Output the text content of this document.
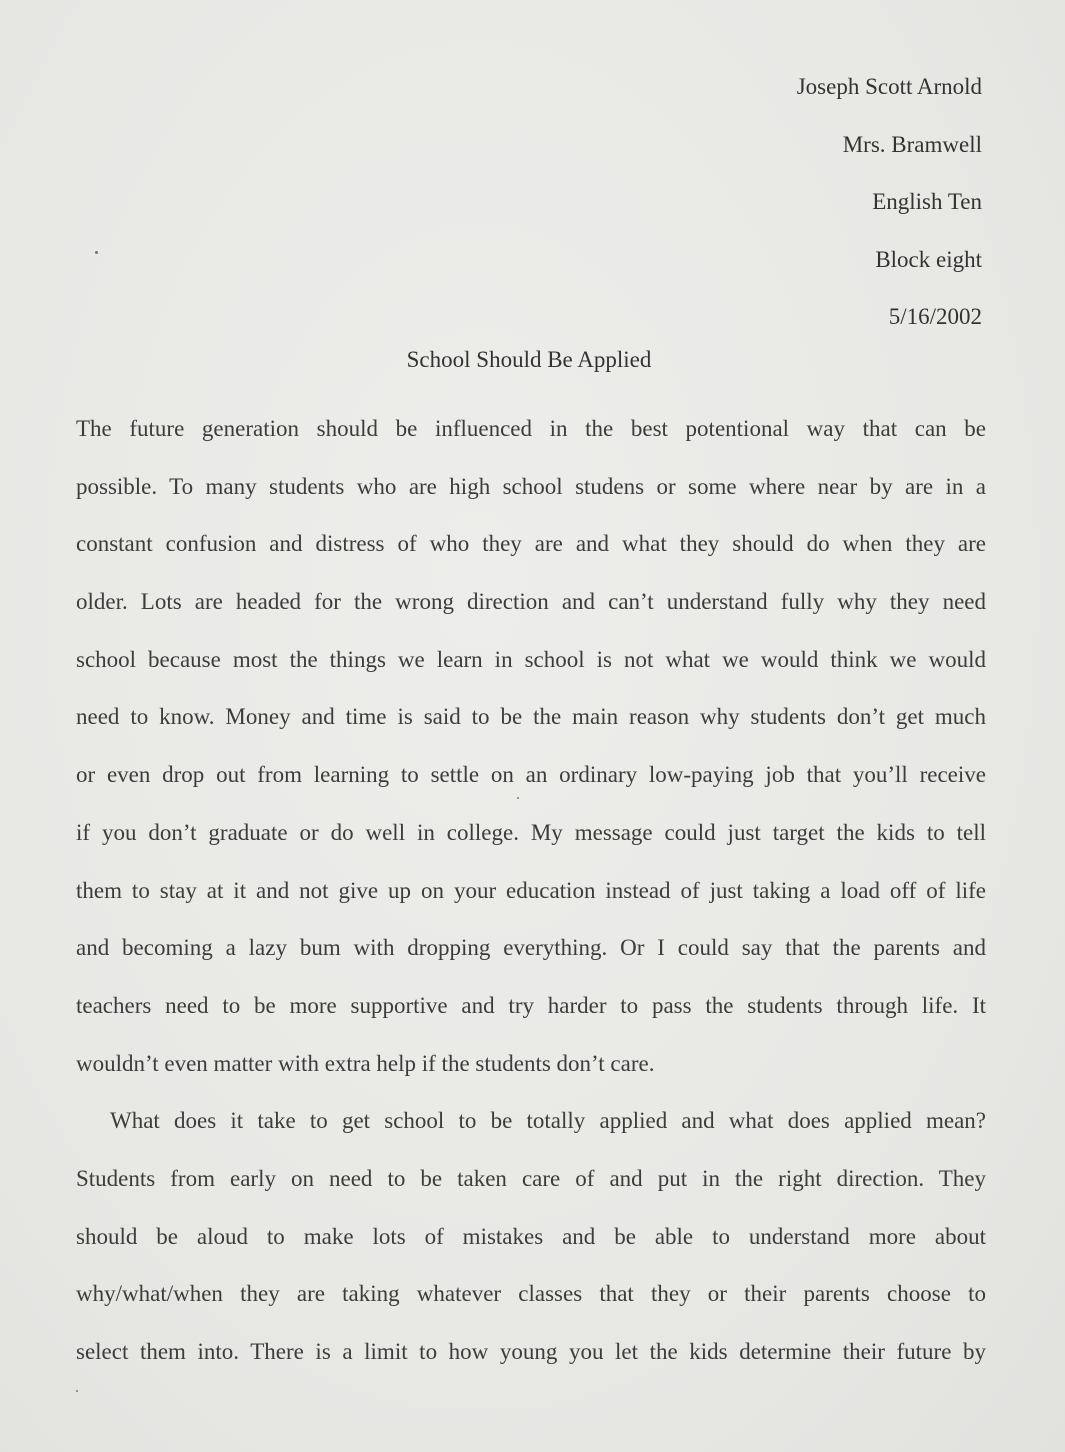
Joseph Scott Arnold
Mrs. Bramwell
English Ten
Block eight
5/16/2002
School Should Be Applied
The future generation should be influenced in the best potentional way that can be
possible. To many students who are high school studens or some where near by are in a
constant confusion and distress of who they are and what they should do when they are
older. Lots are headed for the wrong direction and can’t understand fully why they need
school because most the things we learn in school is not what we would think we would
need to know. Money and time is said to be the main reason why students don’t get much
or even drop out from learning to settle on an ordinary low-paying job that you’ll receive
if you don’t graduate or do well in college. My message could just target the kids to tell
them to stay at it and not give up on your education instead of just taking a load off of life
and becoming a lazy bum with dropping everything. Or I could say that the parents and
teachers need to be more supportive and try harder to pass the students through life. It
wouldn’t even matter with extra help if the students don’t care.
What does it take to get school to be totally applied and what does applied mean?
Students from early on need to be taken care of and put in the right direction. They
should be aloud to make lots of mistakes and be able to understand more about
why/what/when they are taking whatever classes that they or their parents choose to
select them into. There is a limit to how young you let the kids determine their future by
